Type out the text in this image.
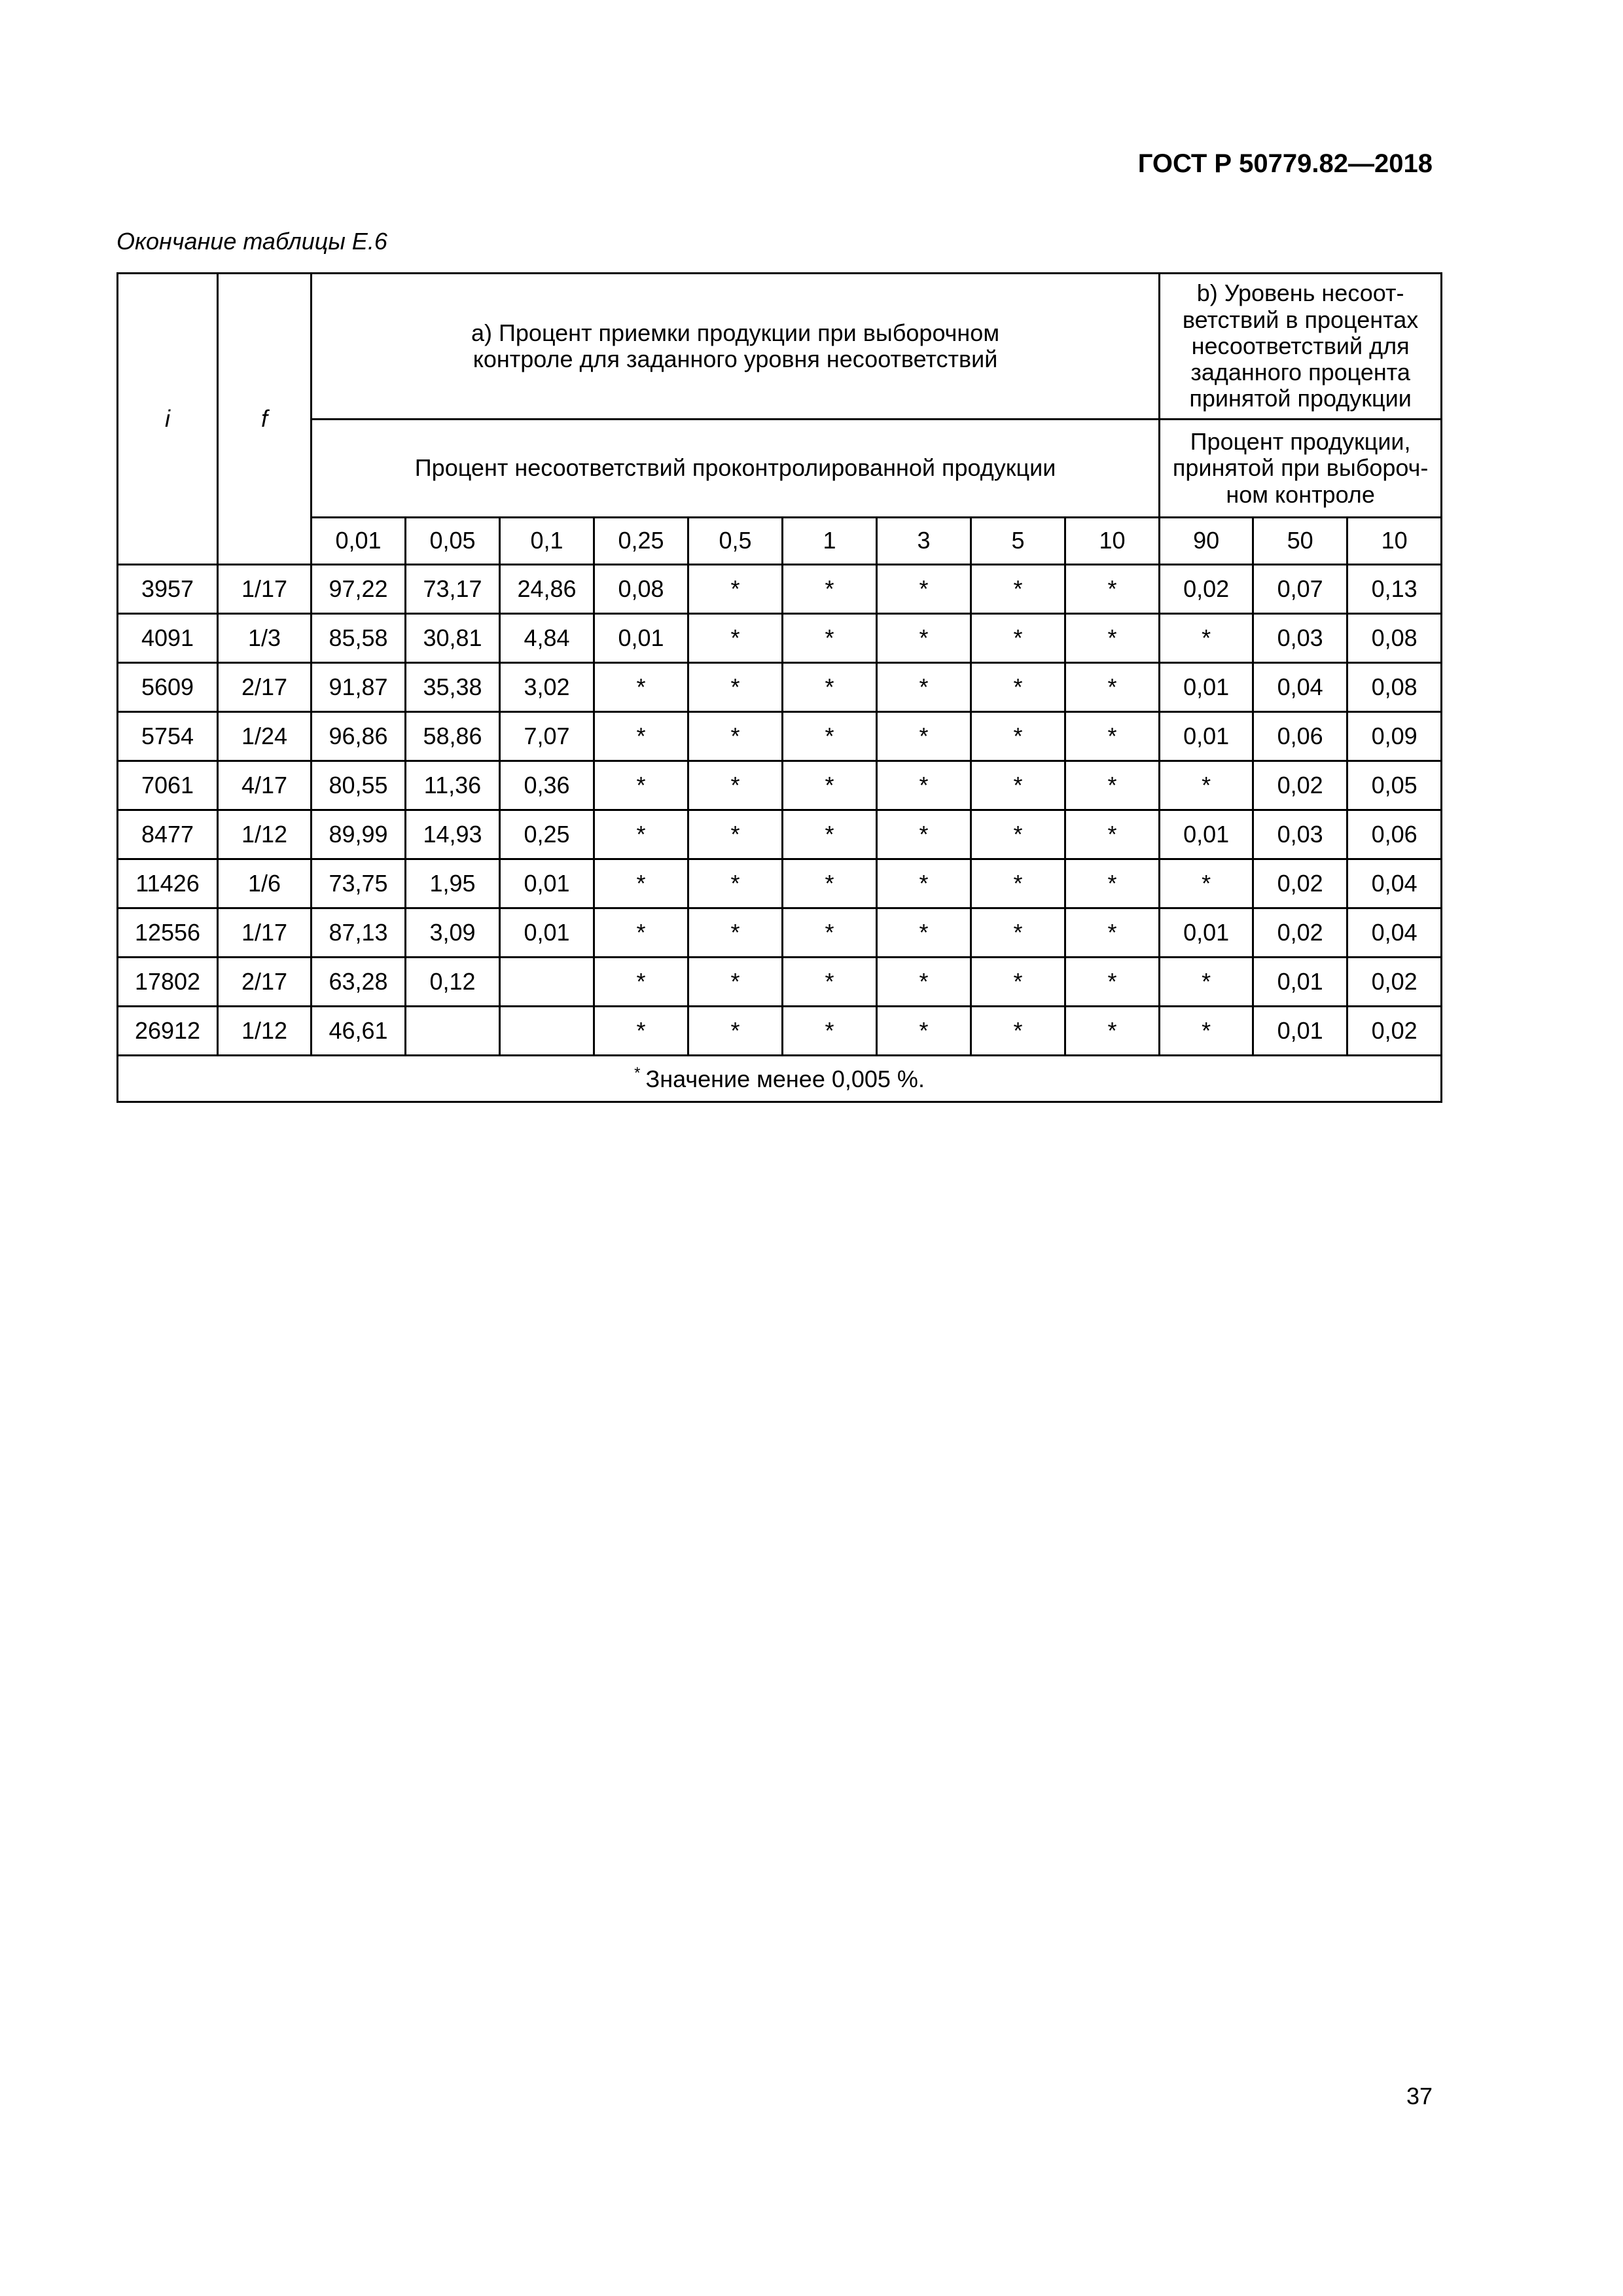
ГОСТ Р 50779.82—2018
Окончание таблицы Е.6
i	f	а) Процент приемки продукции при выборочном контроле для заданного уровня несоответствий									b) Уровень несоот-ветствий в процентах несоответствий для заданного процента принятой продукции		
		Процент несоответствий проконтролированной продукции									Процент продукции, принятой при выбороч-ном контроле		
		0,01	0,05	0,1	0,25	0,5	1	3	5	10	90	50	10
3957	1/17	97,22	73,17	24,86	0,08	*	*	*	*	*	0,02	0,07	0,13
4091	1/3	85,58	30,81	4,84	0,01	*	*	*	*	*	*	0,03	0,08
5609	2/17	91,87	35,38	3,02	*	*	*	*	*	*	0,01	0,04	0,08
5754	1/24	96,86	58,86	7,07	*	*	*	*	*	*	0,01	0,06	0,09
7061	4/17	80,55	11,36	0,36	*	*	*	*	*	*	*	0,02	0,05
8477	1/12	89,99	14,93	0,25	*	*	*	*	*	*	0,01	0,03	0,06
11426	1/6	73,75	1,95	0,01	*	*	*	*	*	*	*	0,02	0,04
12556	1/17	87,13	3,09	0,01	*	*	*	*	*	*	0,01	0,02	0,04
17802	2/17	63,28	0,12		*	*	*	*	*	*	*	0,01	0,02
26912	1/12	46,61			*	*	*	*	*	*	*	0,01	0,02
* Значение менее 0,005 %.													
37
